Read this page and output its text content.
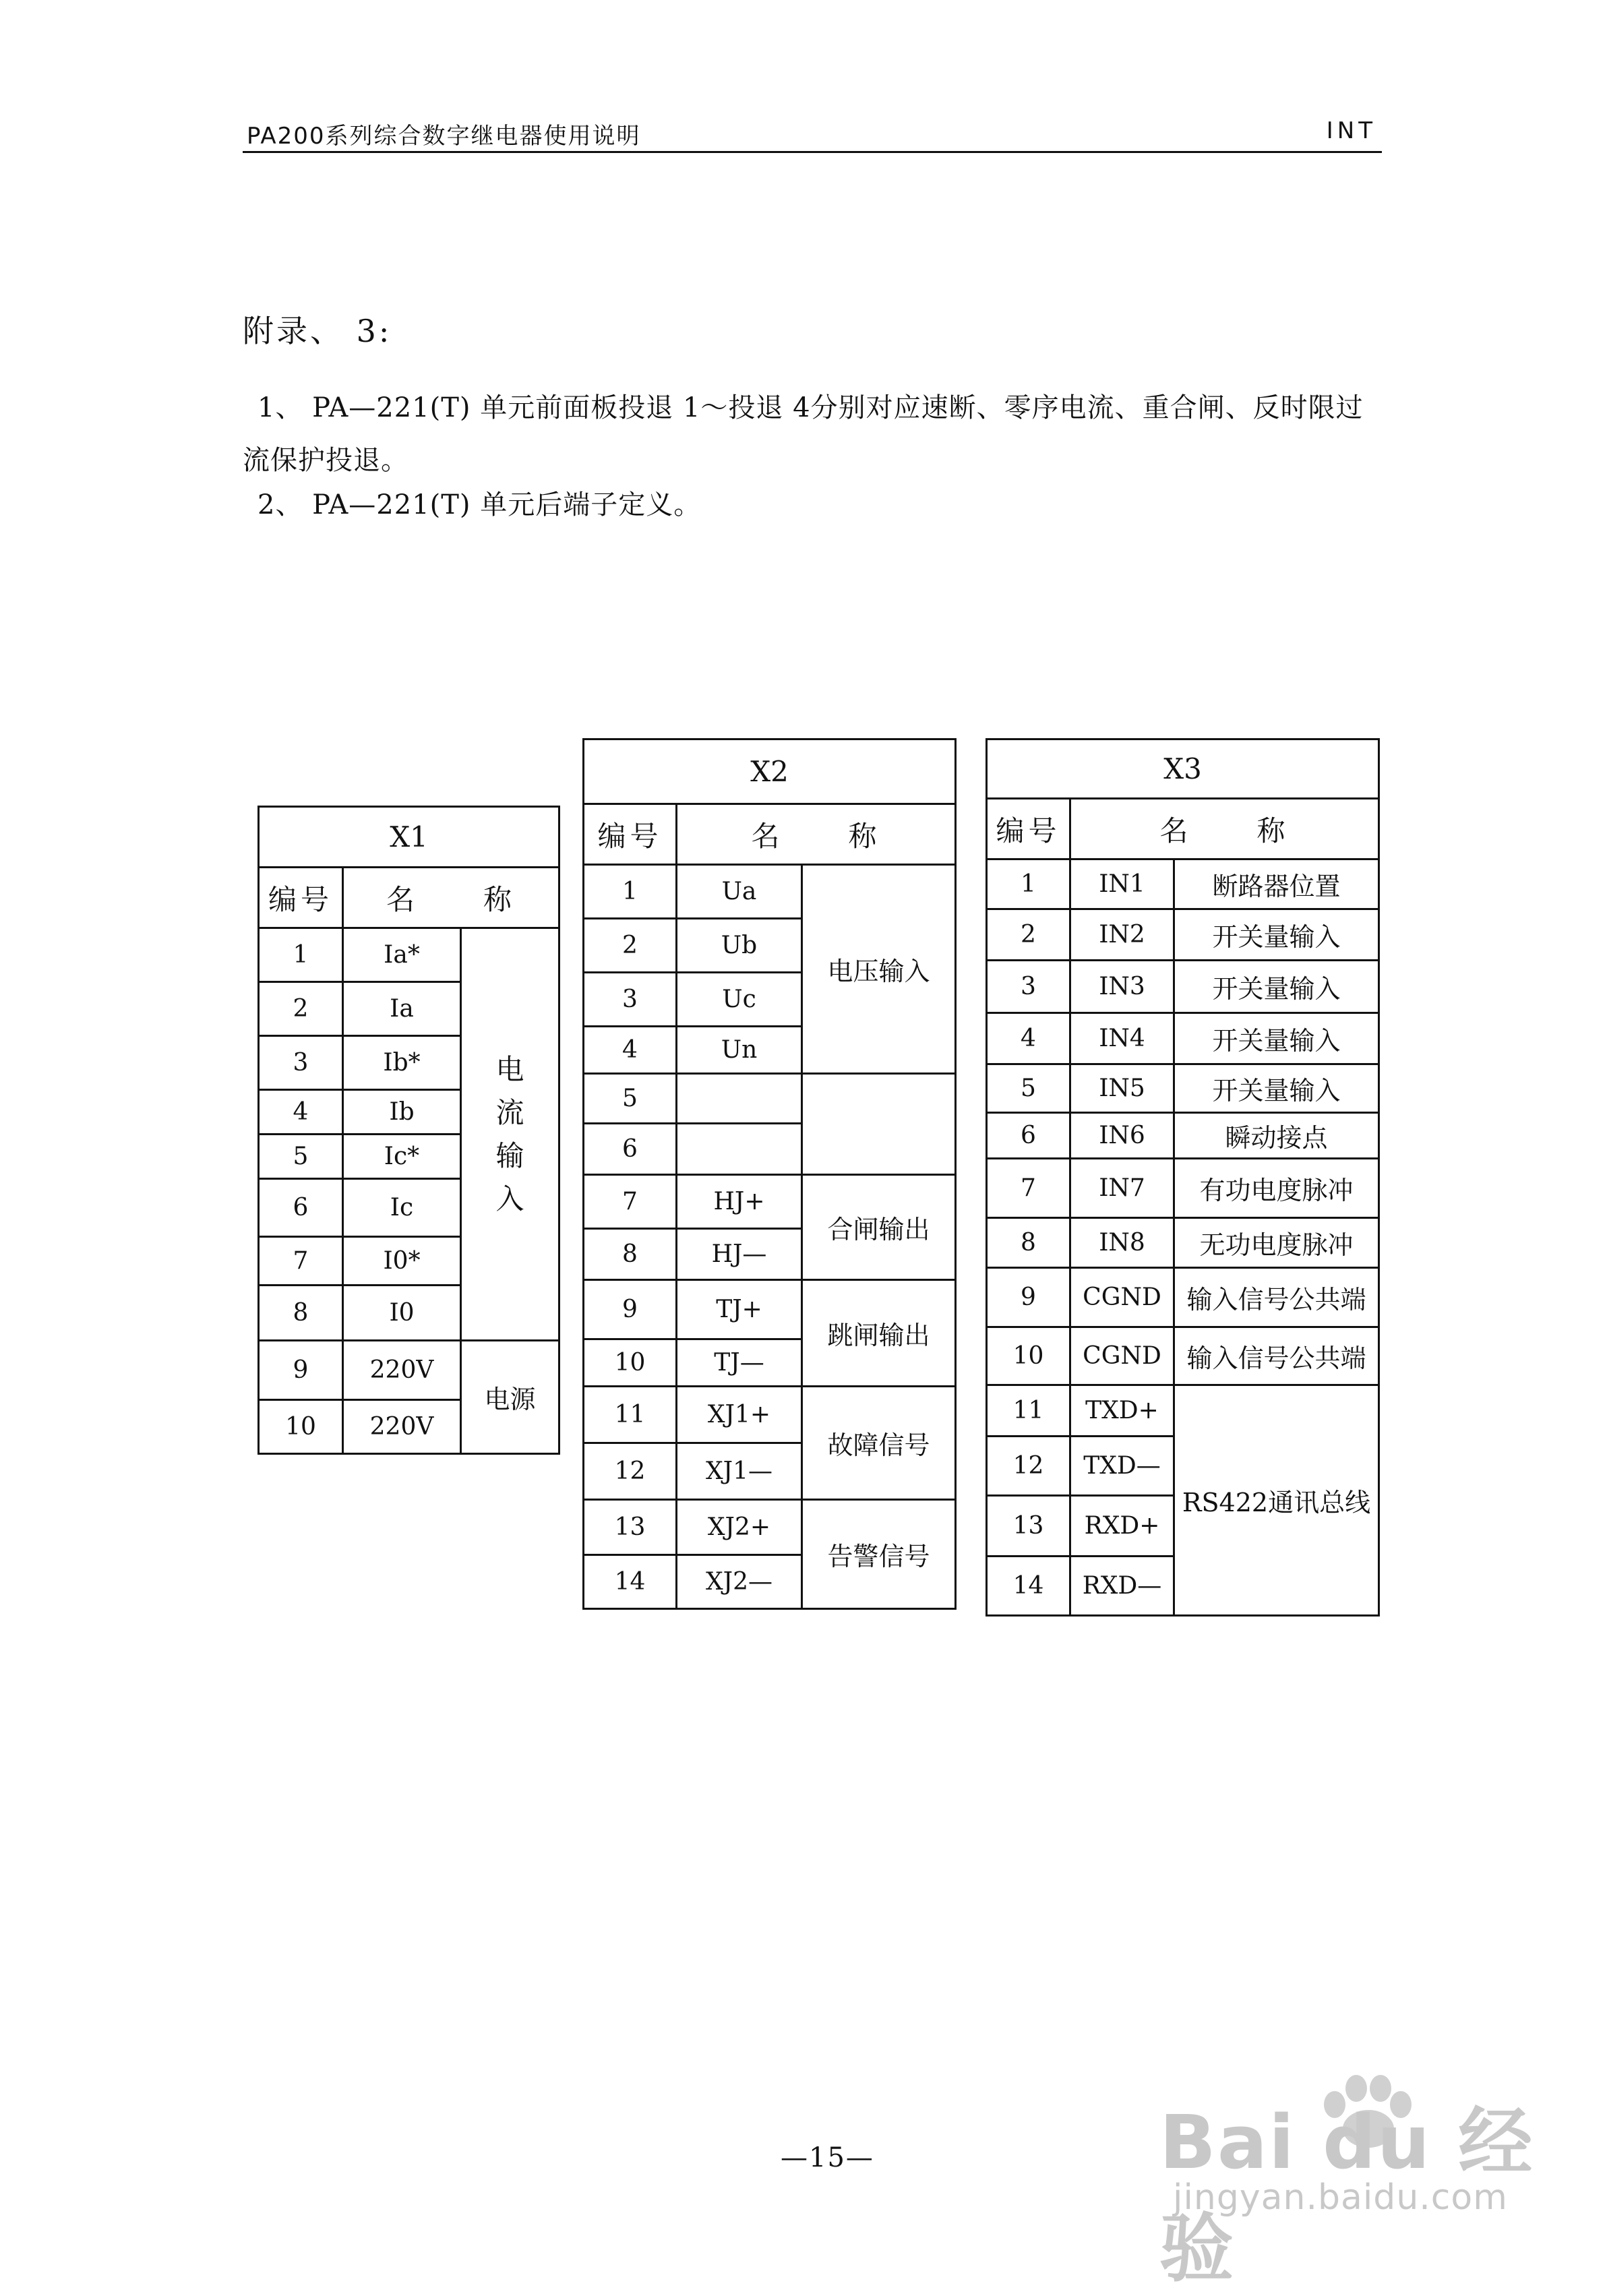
PA200系列综合数字继电器使用说明	INT
附录、 3:
1、 PA—221(T) 单元前面板投退 1～投退 4分别对应速断、零序电流、重合闸、反时限过流保护投退。
2、 PA—221(T) 单元后端子定义。
X1		
编号	名　　称	
1	Ia*	电流输入

2	Ia	
3	Ib*	
4	Ib	
5	Ic*	
6	Ic	
7	I0*	
8	I0	
9	220V	电源
10	220V	
X2		
编号	名　　称	
1	Ua	电压输入
2	Ub	
3	Uc	
4	Un	
5		
6		
7	HJ+	合闸输出
8	HJ—	
9	TJ+	跳闸输出
10	TJ—	
11	XJ1+	故障信号
12	XJ1—	
13	XJ2+	告警信号
14	XJ2—	
X3		
编号	名　　称	
1	IN1	断路器位置
2	IN2	开关量输入
3	IN3	开关量输入
4	IN4	开关量输入
5	IN5	开关量输入
6	IN6	瞬动接点
7	IN7	有功电度脉冲
8	IN8	无功电度脉冲
9	CGND	输入信号公共端
10	CGND	输入信号公共端
11	TXD+	RS422通讯总线
12	TXD—	
13	RXD+	
14	RXD—	
—15—	Bai du 经验
jingyan.baidu.com
